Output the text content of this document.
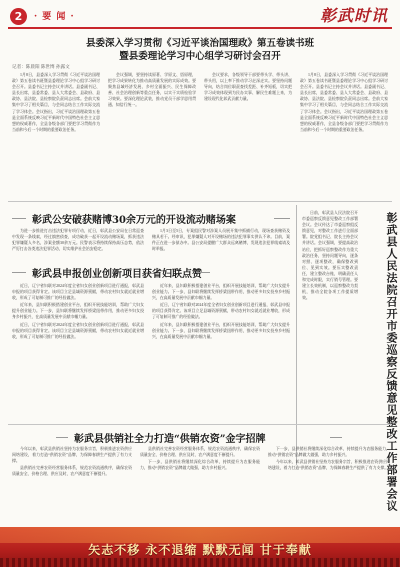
2	· 要 闻 ·	彰武时讯
县委深入学习贯彻《习近平谈治国理政》第五卷读书班
暨县委理论学习中心组学习研讨会召开
记者：陈晨阳 陈世博 孙露文

1月8日，县委深入学习贯彻《习近平谈治国理政》第五卷读书班暨县委理论学习中心组学习研讨会召开。县委书记主持会议并讲话。县委副书记、县长出席，县委常委、县人大常委会、县政府、县政协、县法院、县检察院负责同志出席。会前大家集中学习了相关篇目，与会同志结合工作实际交流了学习体会。会议指出，习近平谈治国理政第五卷是全面系统反映习近平新时代中国特色社会主义思想的权威著作，全县各级各部门要把学习贯彻作为当前和今后一个时期的重要政治任务。

会议强调，要坚持读原著、学原文、悟原理，把学习成果转化为推动高质量发展的实际成效。要聚焦县域经济发展、乡村全面振兴、民生保障改善、社会治理创新等重点任务，以实干实绩检验学习效果。要深化理论武装，推动党员干部学思用贯通、知信行统一。

会议要求，各级领导干部要带头学、带头讲、带头用，以上率下推动学习走深走实。要坚持问题导向，结合岗位职责查找差距、补齐短板，切实把学习成效体现到为民办实事、解民生难题上来，为建设现代化彰武贡献力量。

1月8日，县委深入学习贯彻《习近平谈治国理政》第五卷读书班暨县委理论学习中心组学习研讨会召开。县委书记主持会议并讲话。县委副书记、县长出席，县委常委、县人大常委会、县政府、县政协、县法院、县检察院负责同志出席。会前大家集中学习了相关篇目，与会同志结合工作实际交流了学习体会。会议指出，习近平谈治国理政第五卷是全面系统反映习近平新时代中国特色社会主义思想的权威著作，全县各级各部门要把学习贯彻作为当前和今后一个时期的重要政治任务。

彰武公安破获赌博30余万元的开设流动赌场案

为进一步推进打击违法犯罪专项行动，近日，彰武县公安局在日常巡查中发现一条线索，经过缜密侦查，成功破获一起开设流动赌场案，抓获违法犯罪嫌疑人多名，涉案金额30余万元。民警表示将持续保持高压态势，依法严厉打击各类违法犯罪活动，切实维护社会治安稳定。

1月3日至5日，专案组民警对涉案人员展开集中抓捕行动，现场查获赌资及赌具若干。经审讯，犯罪嫌疑人对开设赌场的违法犯罪事实供认不讳。目前，案件正在进一步侦办中。县公安局提醒广大群众远离赌博，发现违法犯罪线索请及时举报。

彰武县申报创业创新项目获省妇联点赞

近日，辽宁省妇联对2024年度全省妇女创业创新项目进行通报，彰武县申报的项目获得肯定。该项目立足县域资源禀赋，带动农村妇女就近就业增收，形成了可复制可推广的经验做法。

近年来，县妇联积极搭建创业平台，组织开展技能培训，帮助广大妇女提升创业能力。下一步，县妇联将继续发挥桥梁纽带作用，推动更多妇女投身乡村振兴，在高质量发展中贡献巾帼力量。

近日，辽宁省妇联对2024年度全省妇女创业创新项目进行通报，彰武县申报的项目获得肯定。该项目立足县域资源禀赋，带动农村妇女就近就业增收，形成了可复制可推广的经验做法。

近年来，县妇联积极搭建创业平台，组织开展技能培训，帮助广大妇女提升创业能力。下一步，县妇联将继续发挥桥梁纽带作用，推动更多妇女投身乡村振兴，在高质量发展中贡献巾帼力量。

近日，辽宁省妇联对2024年度全省妇女创业创新项目进行通报，彰武县申报的项目获得肯定。该项目立足县域资源禀赋，带动农村妇女就近就业增收，形成了可复制可推广的经验做法。

近年来，县妇联积极搭建创业平台，组织开展技能培训，帮助广大妇女提升创业能力。下一步，县妇联将继续发挥桥梁纽带作用，推动更多妇女投身乡村振兴，在高质量发展中贡献巾帼力量。

日前，彰武县人民法院召开市委巡察反馈意见整改工作部署会议。会议传达了市委巡察组反馈意见，对整改工作进行全面部署。院党组书记、院长主持会议并讲话。会议强调，要提高政治站位，把抓好巡察整改作为重大政治任务，坚持问题导向，逐条对照、逐项整改，确保整改到位、见到实效。要压实整改责任，建立整改台账，明确责任人和完成时限，实行销号管理。要建立长效机制，以巡察整改为契机，推动全院各项工作提质增效。	彰武县人民法院召开市委巡察反馈意见整改工作部署会议
彰武县供销社全力打造“供销农资”金字招牌

今年以来，彰武县供销社坚持为农服务宗旨，积极推进农资供应网络建设，着力打造“供销农资”品牌，为保障春耕生产提供了有力支撑。

县供销社完善农资经营服务体系，规范农资流通秩序，确保农资质量安全、价格合理、供应及时，农户满意度不断提升。

县供销社完善农资经营服务体系，规范农资流通秩序，确保农资质量安全、价格合理、供应及时，农户满意度不断提升。

下一步，县供销社将继续深化综合改革，持续提升为农服务能力，推动“供销农资”品牌做大做强，助力乡村振兴。

下一步，县供销社将继续深化综合改革，持续提升为农服务能力，推动“供销农资”品牌做大做强，助力乡村振兴。

今年以来，彰武县供销社坚持为农服务宗旨，积极推进农资供应网络建设，着力打造“供销农资”品牌，为保障春耕生产提供了有力支撑。

矢志不移 永不退缩 默默无闻 甘于奉献
